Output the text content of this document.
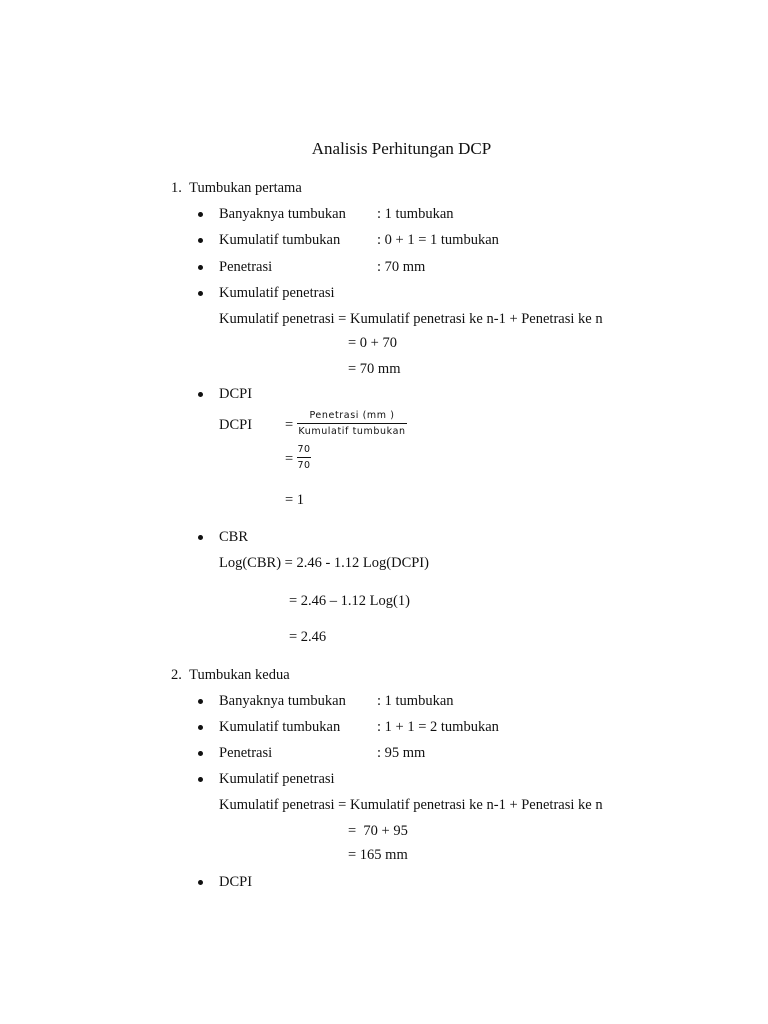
Analisis Perhitungan DCP
1. Tumbukan pertama
Banyaknya tumbukan : 1 tumbukan
Kumulatif tumbukan	: 0 + 1 = 1 tumbukan
Penetrasi	: 70 mm
Kumulatif penetrasi
Kumulatif penetrasi = Kumulatif penetrasi ke n-1 + Penetrasi ke n
= 0 + 70
= 70 mm
DCPI
DCPI =
Penetrasi (mm )
Kumulatif tumbukan
=
70
70
= 1
CBR
Log(CBR) = 2.46 - 1.12 Log(DCPI)
= 2.46 – 1.12 Log(1)
= 2.46
2. Tumbukan kedua
Banyaknya tumbukan : 1 tumbukan
Kumulatif tumbukan	: 1 + 1 = 2 tumbukan
Penetrasi	: 95 mm
Kumulatif penetrasi
Kumulatif penetrasi = Kumulatif penetrasi ke n-1 + Penetrasi ke n
=  70 + 95
= 165 mm
DCPI
